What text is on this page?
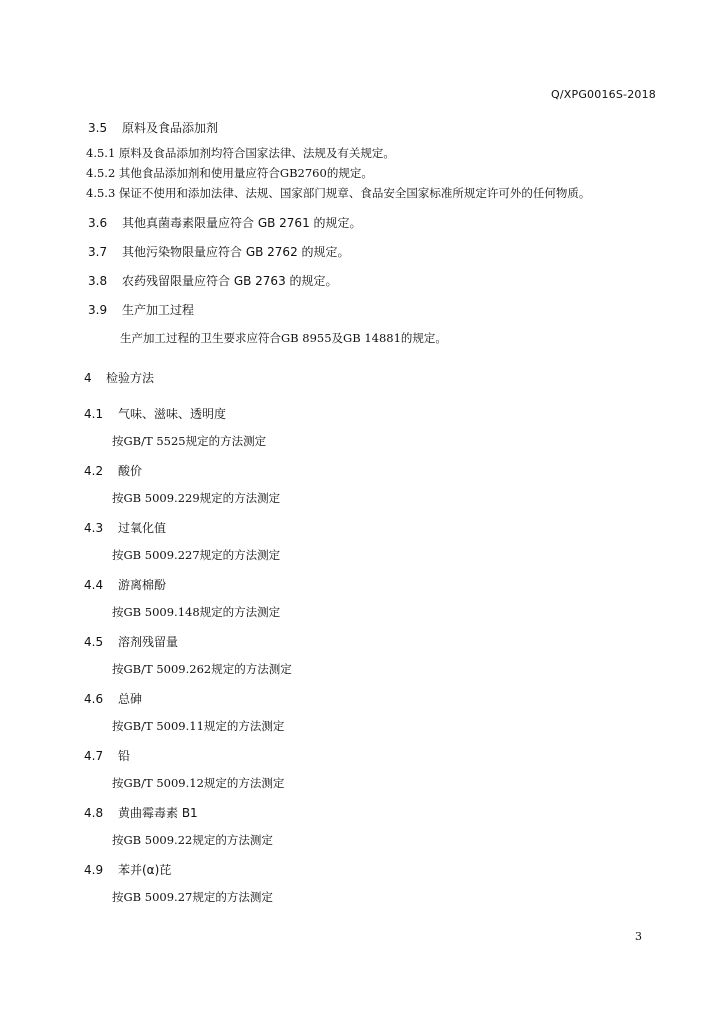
Q/XPG0016S-2018
3.5 原料及食品添加剂
4.5.1 原料及食品添加剂均符合国家法律、法规及有关规定。
4.5.2 其他食品添加剂和使用量应符合GB2760的规定。
4.5.3 保证不使用和添加法律、法规、国家部门规章、食品安全国家标准所规定许可外的任何物质。
3.6 其他真菌毒素限量应符合 GB 2761 的规定。
3.7 其他污染物限量应符合 GB 2762 的规定。
3.8 农药残留限量应符合 GB 2763 的规定。
3.9 生产加工过程
生产加工过程的卫生要求应符合GB 8955及GB 14881的规定。
4 检验方法
4.1 气味、滋味、透明度
按GB/T 5525规定的方法测定
4.2 酸价
按GB 5009.229规定的方法测定
4.3 过氧化值
按GB 5009.227规定的方法测定
4.4 游离棉酚
按GB 5009.148规定的方法测定
4.5 溶剂残留量
按GB/T 5009.262规定的方法测定
4.6 总砷
按GB/T 5009.11规定的方法测定
4.7 铅
按GB/T 5009.12规定的方法测定
4.8 黄曲霉毒素 B1
按GB 5009.22规定的方法测定
4.9 苯并(α)芘
按GB 5009.27规定的方法测定
3
